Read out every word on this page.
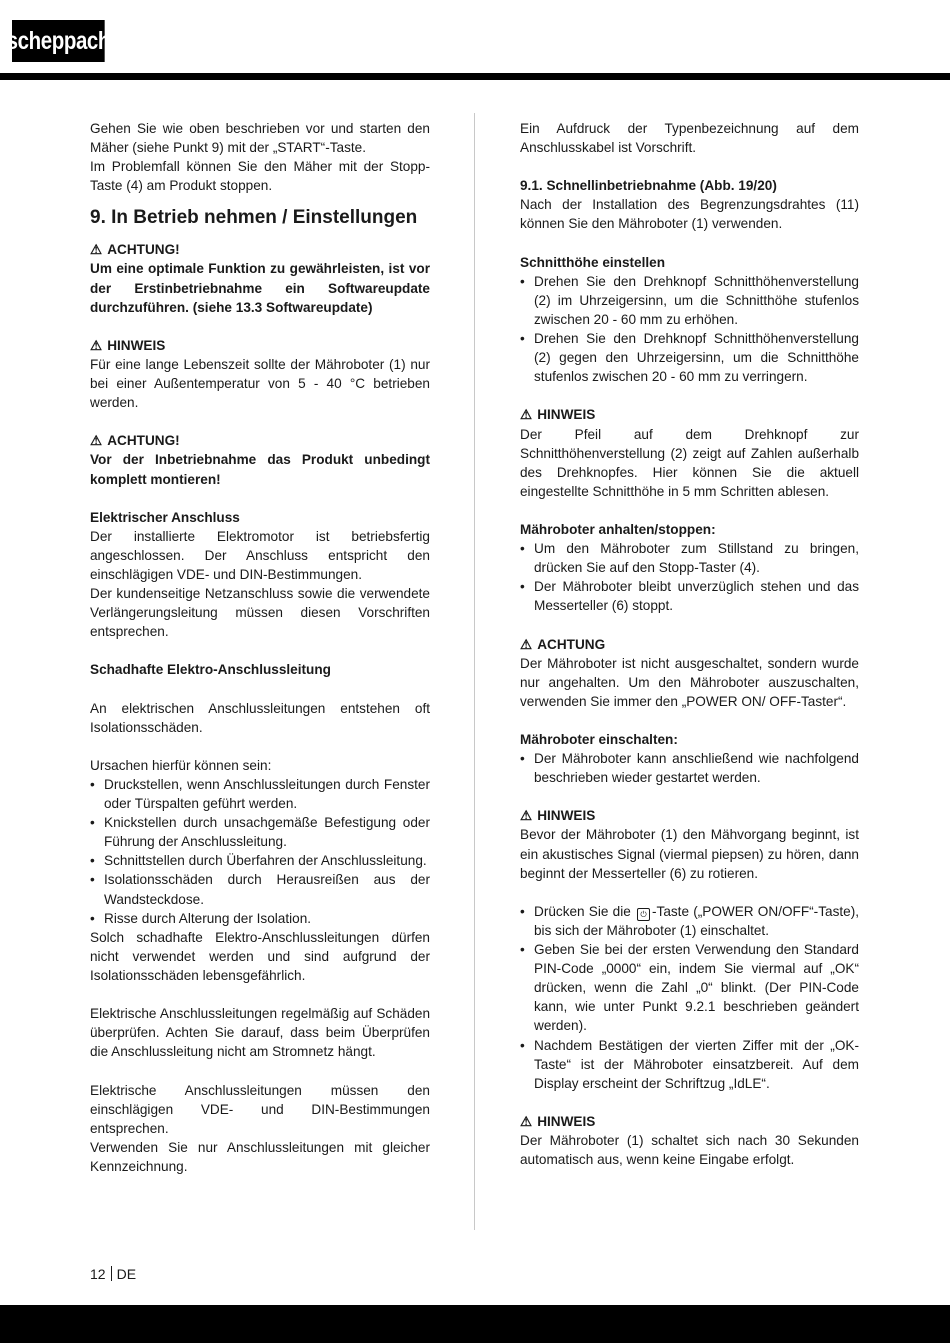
scheppach

Gehen Sie wie oben beschrieben vor und starten den Mäher (siehe Punkt 9) mit der „START“-Taste.

Im Problemfall können Sie den Mäher mit der Stopp-Taste (4) am Produkt stoppen.

9. In Betrieb nehmen / Einstellungen

⚠ ACHTUNG!

Um eine optimale Funktion zu gewährleisten, ist vor der Erstinbetriebnahme ein Softwareupdate durchzuführen. (siehe 13.3 Softwareupdate)

⚠ HINWEIS

Für eine lange Lebenszeit sollte der Mähroboter (1) nur bei einer Außentemperatur von 5 - 40 °C betrieben werden.

⚠ ACHTUNG!

Vor der Inbetriebnahme das Produkt unbedingt komplett montieren!

Elektrischer Anschluss

Der installierte Elektromotor ist betriebsfertig angeschlossen. Der Anschluss entspricht den einschlägigen VDE- und DIN-Bestimmungen.

Der kundenseitige Netzanschluss sowie die verwendete Verlängerungsleitung müssen diesen Vorschriften entsprechen.

Schadhafte Elektro-Anschlussleitung

An elektrischen Anschlussleitungen entstehen oft Isolationsschäden.

Ursachen hierfür können sein:

• Druckstellen, wenn Anschlussleitungen durch Fenster oder Türspalten geführt werden.
• Knickstellen durch unsachgemäße Befestigung oder Führung der Anschlussleitung.
• Schnittstellen durch Überfahren der Anschlussleitung.
• Isolationsschäden durch Herausreißen aus der Wandsteckdose.
• Risse durch Alterung der Isolation.

Solch schadhafte Elektro-Anschlussleitungen dürfen nicht verwendet werden und sind aufgrund der Isolationsschäden lebensgefährlich.

Elektrische Anschlussleitungen regelmäßig auf Schäden überprüfen. Achten Sie darauf, dass beim Überprüfen die Anschlussleitung nicht am Stromnetz hängt.

Elektrische Anschlussleitungen müssen den einschlägigen VDE- und DIN-Bestimmungen entsprechen.

Verwenden Sie nur Anschlussleitungen mit gleicher Kennzeichnung.

Ein Aufdruck der Typenbezeichnung auf dem Anschlusskabel ist Vorschrift.

9.1. Schnellinbetriebnahme (Abb. 19/20)

Nach der Installation des Begrenzungsdrahtes (11) können Sie den Mähroboter (1) verwenden.

Schnitthöhe einstellen

• Drehen Sie den Drehknopf Schnitthöhenverstellung (2) im Uhrzeigersinn, um die Schnitthöhe stufenlos zwischen 20 - 60 mm zu erhöhen.
• Drehen Sie den Drehknopf Schnitthöhenverstellung (2) gegen den Uhrzeigersinn, um die Schnitthöhe stufenlos zwischen 20 - 60 mm zu verringern.

⚠ HINWEIS

Der Pfeil auf dem Drehknopf zur Schnitthöhenverstellung (2) zeigt auf Zahlen außerhalb des Drehknopfes. Hier können Sie die aktuell eingestellte Schnitthöhe in 5 mm Schritten ablesen.

Mähroboter anhalten/stoppen:

• Um den Mähroboter zum Stillstand zu bringen, drücken Sie auf den Stopp-Taster (4).
• Der Mähroboter bleibt unverzüglich stehen und das Messerteller (6) stoppt.

⚠ ACHTUNG

Der Mähroboter ist nicht ausgeschaltet, sondern wurde nur angehalten. Um den Mähroboter auszuschalten, verwenden Sie immer den „POWER ON/ OFF-Taster“.

Mähroboter einschalten:

• Der Mähroboter kann anschließend wie nachfolgend beschrieben wieder gestartet werden.

⚠ HINWEIS

Bevor der Mähroboter (1) den Mähvorgang beginnt, ist ein akustisches Signal (viermal piepsen) zu hören, dann beginnt der Messerteller (6) zu rotieren.

• Drücken Sie die ⏻ -Taste („POWER ON/OFF“-Taste), bis sich der Mähroboter (1) einschaltet.
• Geben Sie bei der ersten Verwendung den Standard PIN-Code „0000“ ein, indem Sie viermal auf „OK“ drücken, wenn die Zahl „0“ blinkt. (Der PIN-Code kann, wie unter Punkt 9.2.1 beschrieben geändert werden).
• Nachdem Bestätigen der vierten Ziffer mit der „OK-Taste“ ist der Mähroboter einsatzbereit. Auf dem Display erscheint der Schriftzug „IdLE“.

⚠ HINWEIS

Der Mähroboter (1) schaltet sich nach 30 Sekunden automatisch aus, wenn keine Eingabe erfolgt.

12 DE
